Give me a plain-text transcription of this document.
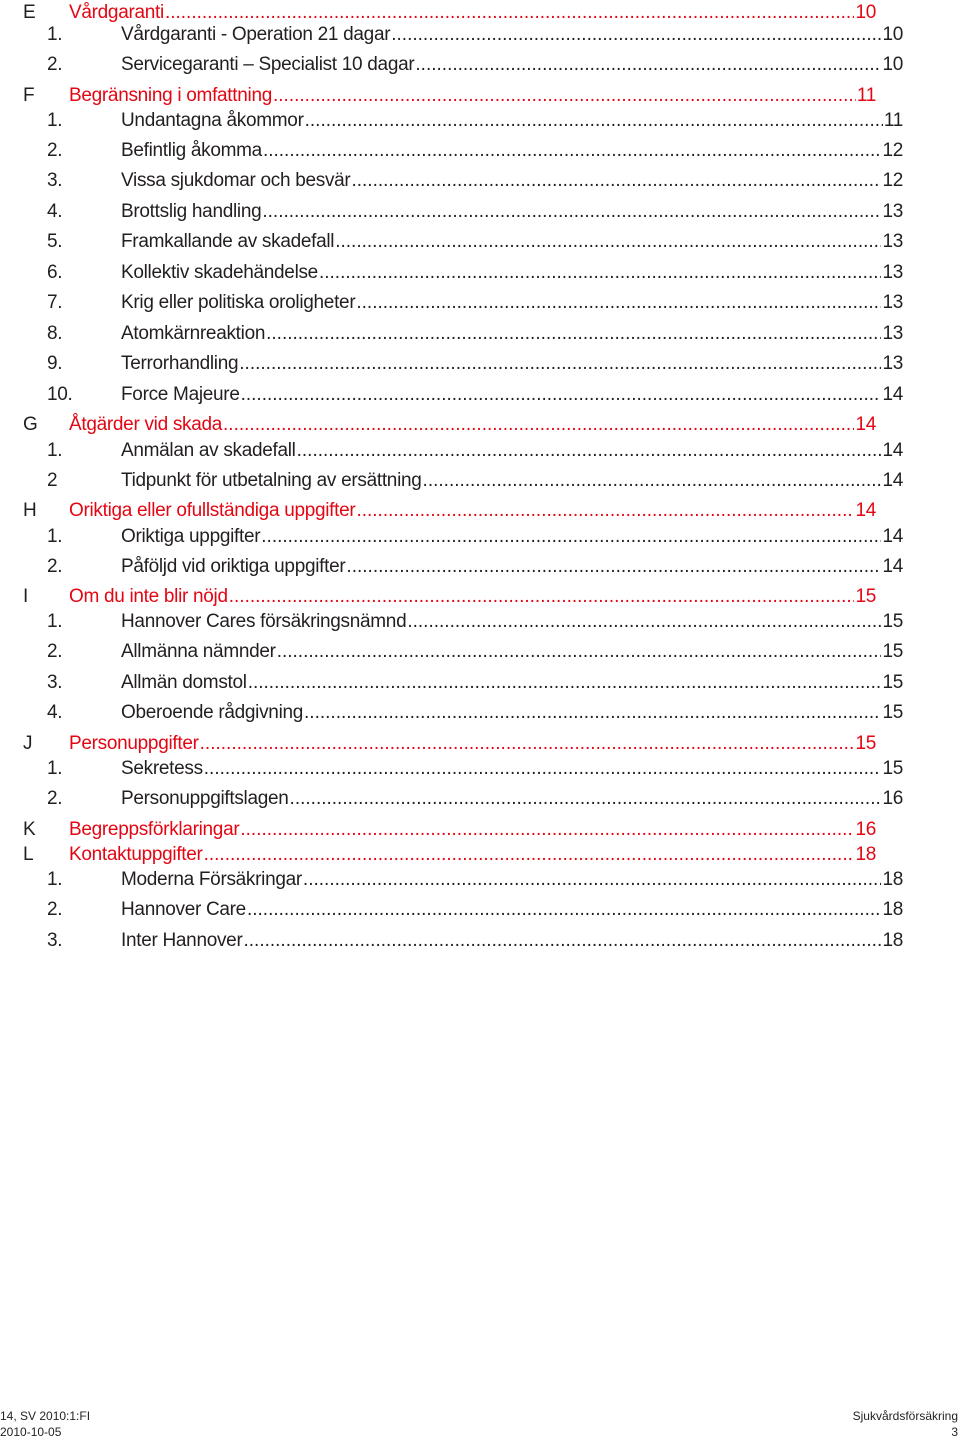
E Vårdgaranti .....	10
1.	Vårdgaranti - Operation 21 dagar .....	10
2.	Servicegaranti – Specialist 10 dagar .....	10
F Begränsning i omfattning .....	11
1.	Undantagna åkommor .....	11
2.	Befintlig åkomma .....	12
3.	Vissa sjukdomar och besvär .....	12
4.	Brottslig handling .....	13
5.	Framkallande av skadefall .....	13
6.	Kollektiv skadehändelse .....	13
7.	Krig eller politiska oroligheter .....	13
8.	Atomkärnreaktion .....	13
9.	Terrorhandling .....	13
10.	Force Majeure .....	14
G Åtgärder vid skada .....	14
1.	Anmälan av skadefall .....	14
2	Tidpunkt för utbetalning av ersättning .....	14
H Oriktiga eller ofullständiga uppgifter .....	14
1.	Oriktiga uppgifter .....	14
2.	Påföljd vid oriktiga uppgifter .....	14
I Om du inte blir nöjd .....	15
1.	Hannover Cares försäkringsnämnd .....	15
2.	Allmänna nämnder .....	15
3.	Allmän domstol .....	15
4.	Oberoende rådgivning .....	15
J Personuppgifter .....	15
1.	Sekretess .....	15
2.	Personuppgiftslagen .....	16
K Begreppsförklaringar .....	16
L Kontaktuppgifter .....	18
1.	Moderna Försäkringar .....	18
2.	Hannover Care .....	18
3.	Inter Hannover .....	18
14, SV 2010:1:FI	Sjukvårdsförsäkring
2010-10-05	3
